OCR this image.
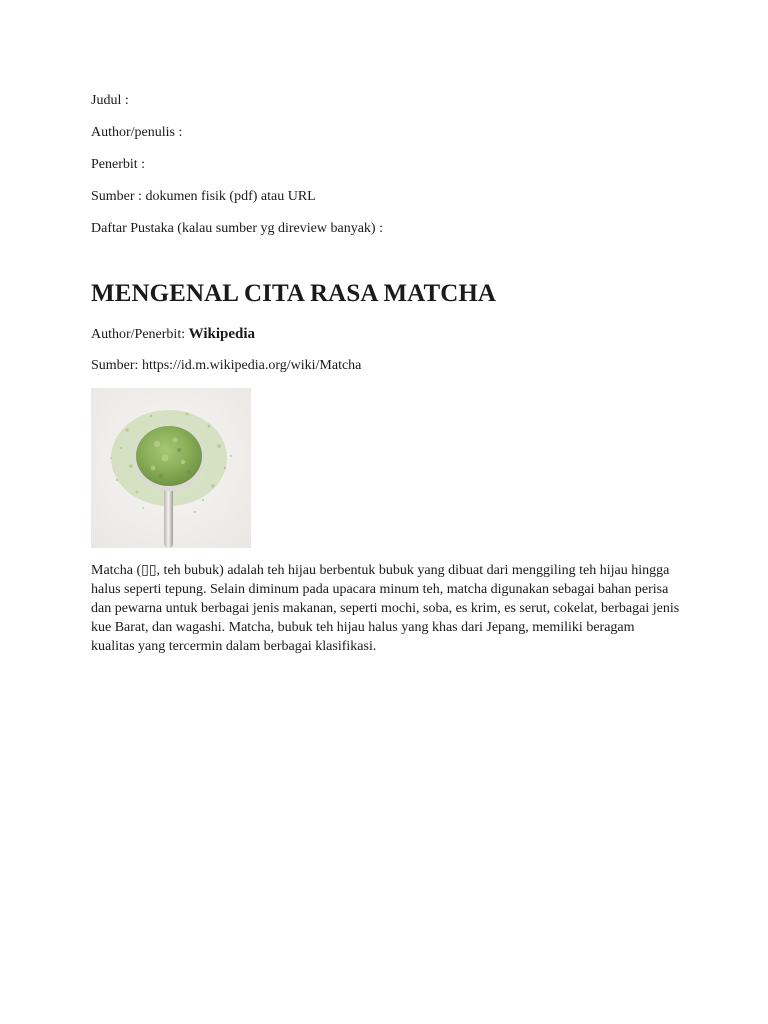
Judul :

Author/penulis :

Penerbit :

Sumber : dokumen fisik (pdf) atau URL

Daftar Pustaka (kalau sumber yg direview banyak) :

MENGENAL CITA RASA MATCHA

Author/Penerbit: Wikipedia

Sumber: https://id.m.wikipedia.org/wiki/Matcha

Matcha (▯▯, teh bubuk) adalah teh hijau berbentuk bubuk yang dibuat dari menggiling teh hijau hingga halus seperti tepung. Selain diminum pada upacara minum teh, matcha digunakan sebagai bahan perisa dan pewarna untuk berbagai jenis makanan, seperti mochi, soba, es krim, es serut, cokelat, berbagai jenis kue Barat, dan wagashi. Matcha, bubuk teh hijau halus yang khas dari Jepang, memiliki beragam kualitas yang tercermin dalam berbagai klasifikasi.
